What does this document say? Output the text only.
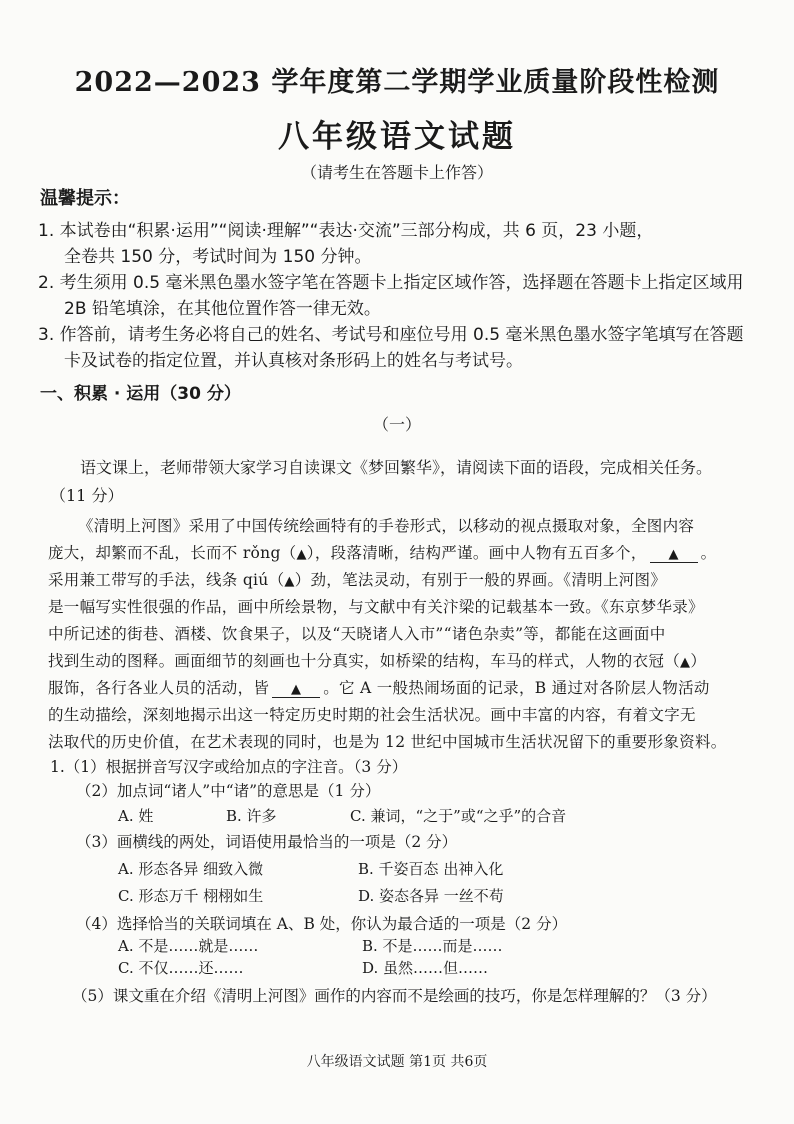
2022—2023 学年度第二学期学业质量阶段性检测
八年级语文试题
（请考生在答题卡上作答）
温馨提示：
1. 本试卷由“积累·运用”“阅读·理解”“表达·交流”三部分构成，共 6 页，23 小题，
全卷共 150 分，考试时间为 150 分钟。
2. 考生须用 0.5 毫米黑色墨水签字笔在答题卡上指定区域作答，选择题在答题卡上指定区域用
2B 铅笔填涂，在其他位置作答一律无效。
3. 作答前，请考生务必将自己的姓名、考试号和座位号用 0.5 毫米黑色墨水签字笔填写在答题
卡及试卷的指定位置，并认真核对条形码上的姓名与考试号。
一、积累 · 运用（30 分）
（一）
语文课上，老师带领大家学习自读课文《梦回繁华》，请阅读下面的语段，完成相关任务。
（11 分）
《清明上河图》采用了中国传统绘画特有的手卷形式，以移动的视点摄取对象，全图内容
庞大，却繁而不乱，长而不 rǒng（▲），段落清晰，结构严谨。画中人物有五百多个， ▲ 。
采用兼工带写的手法，线条 qiú（▲）劲，笔法灵动，有别于一般的界画。《清明上河图》
是一幅写实性很强的作品，画中所绘景物，与文献中有关汴梁的记载基本一致。《东京梦华录》
中所记述的街巷、酒楼、饮食果子，以及“天晓诸人入市”“诸色杂卖”等，都能在这画面中
找到生动的图释。画面细节的刻画也十分真实，如桥梁的结构，车马的样式，人物的衣冠（▲）
服饰，各行各业人员的活动，皆 ▲ 。它 A 一般热闹场面的记录，B 通过对各阶层人物活动
的生动描绘，深刻地揭示出这一特定历史时期的社会生活状况。画中丰富的内容，有着文字无
法取代的历史价值，在艺术表现的同时，也是为 12 世纪中国城市生活状况留下的重要形象资料。
1.（1）根据拼音写汉字或给加点的字注音。（3 分）
（2）加点词“诸人”中“诸”的意思是（1 分）
A. 姓	B. 许多	C. 兼词，“之于”或“之乎”的合音
（3）画横线的两处，词语使用最恰当的一项是（2 分）
A. 形态各异 细致入微	B. 千姿百态 出神入化
C. 形态万千 栩栩如生	D. 姿态各异 一丝不苟
（4）选择恰当的关联词填在 A、B 处，你认为最合适的一项是（2 分）
A. 不是……就是……	B. 不是……而是……
C. 不仅……还……	D. 虽然……但……
（5）课文重在介绍《清明上河图》画作的内容而不是绘画的技巧，你是怎样理解的？（3 分）
八年级语文试题 第1页 共6页
